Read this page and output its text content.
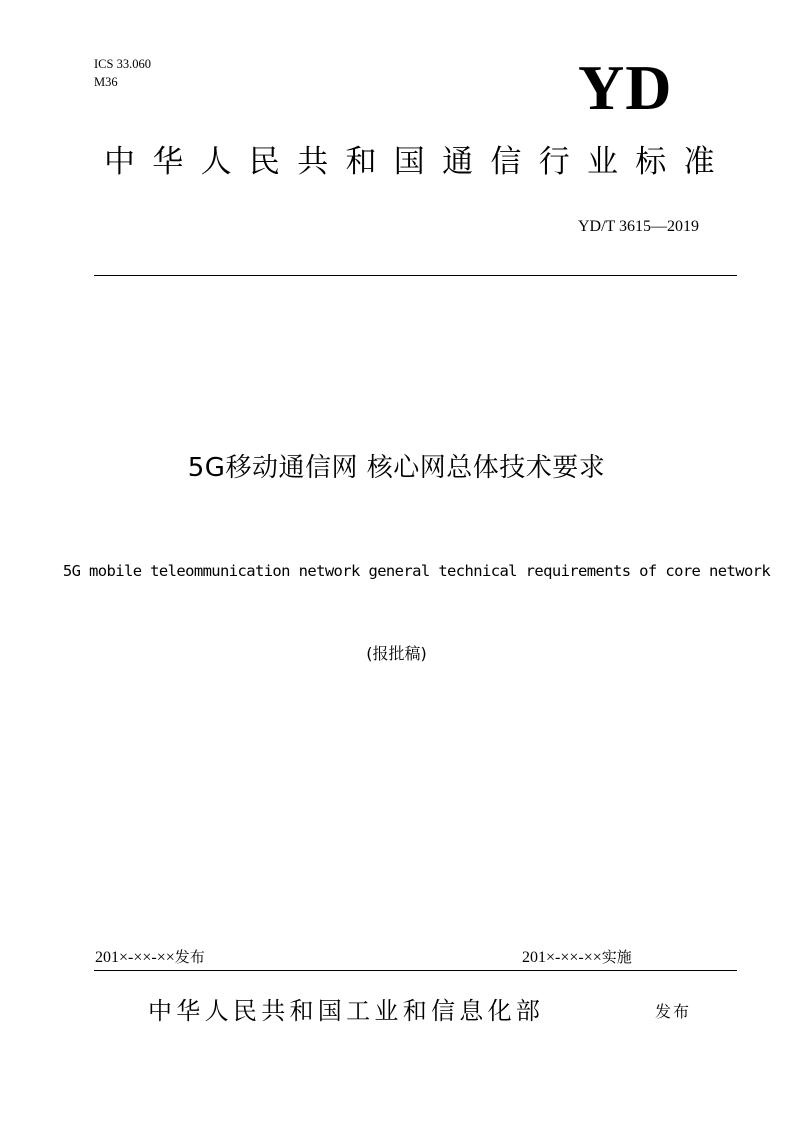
ICS 33.060
M36	YD
中华人民共和国通信行业标准
YD/T 3615—2019
5G移动通信网 核心网总体技术要求
5G mobile teleommunication network general technical requirements of core network
(报批稿)
201×-××-××发布	201×-××-××实施
中华人民共和国工业和信息化部	发布
